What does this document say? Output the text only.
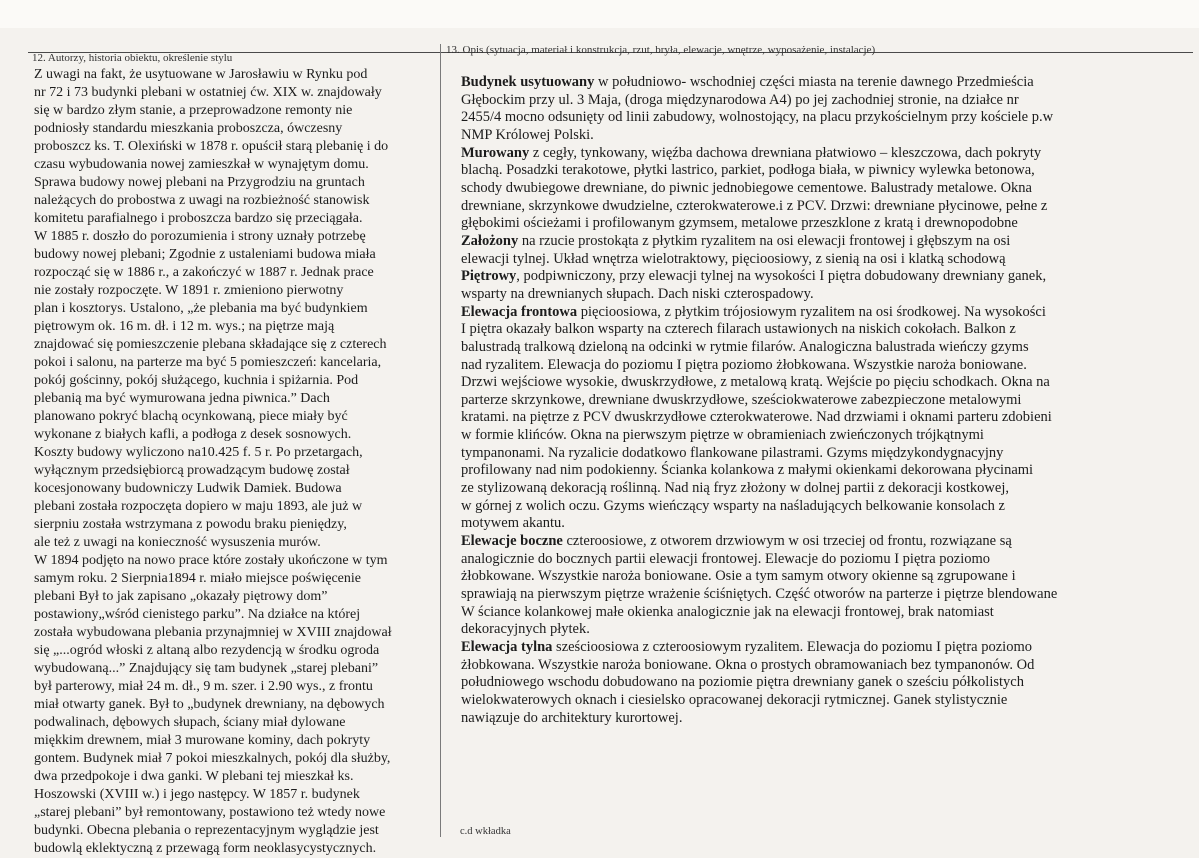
12. Autorzy, historia obiektu, określenie stylu
13. Opis (sytuacja, materiał i konstrukcja, rzut, bryła, elewacje, wnętrze, wyposażenie, instalacje)
Z uwagi na fakt, że usytuowane w Jarosławiu w Rynku pod
nr 72 i 73 budynki plebani w ostatniej ćw. XIX w. znajdowały
się w bardzo złym stanie, a przeprowadzone remonty nie
podniosły standardu mieszkania proboszcza, ówczesny
proboszcz ks. T. Olexiński w 1878 r. opuścił starą plebanię i do
czasu wybudowania nowej zamieszkał w wynajętym domu.
Sprawa budowy nowej plebani na Przygrodziu na gruntach
należących do probostwa z uwagi na rozbieżność stanowisk
komitetu parafialnego i proboszcza bardzo się przeciągała.
W 1885 r. doszło do porozumienia i strony uznały potrzebę
budowy nowej plebani; Zgodnie z ustaleniami budowa miała
rozpocząć się w 1886 r., a zakończyć w 1887 r. Jednak prace
nie zostały rozpoczęte. W 1891 r. zmieniono pierwotny
plan i kosztorys. Ustalono, „że plebania ma być budynkiem
piętrowym ok. 16 m. dł. i 12 m. wys.; na piętrze mają
znajdować się pomieszczenie plebana składające się z czterech
pokoi i salonu, na parterze ma być 5 pomieszczeń: kancelaria,
pokój gościnny, pokój służącego, kuchnia i spiżarnia. Pod
plebanią ma być wymurowana jedna piwnica.” Dach
planowano pokryć blachą ocynkowaną, piece miały być
wykonane z białych kafli, a podłoga z desek sosnowych.
Koszty budowy wyliczono na10.425 f. 5 r. Po przetargach,
wyłącznym przedsiębiorcą prowadzącym budowę został
kocesjonowany budowniczy Ludwik Damiek. Budowa
plebani została rozpoczęta dopiero w maju 1893, ale już w
sierpniu została wstrzymana z powodu braku pieniędzy,
ale też z uwagi na konieczność wysuszenia murów.
W 1894 podjęto na nowo prace które zostały ukończone w tym
samym roku. 2 Sierpnia1894 r. miało miejsce poświęcenie
plebani Był to jak zapisano „okazały piętrowy dom”
postawiony„wśród cienistego parku”. Na działce na której
została wybudowana plebania przynajmniej w XVIII znajdował
się „...ogród włoski z altaną albo rezydencją w środku ogroda
wybudowaną...” Znajdujący się tam budynek „starej plebani”
był parterowy, miał 24 m. dł., 9 m. szer. i 2.90 wys., z frontu
miał otwarty ganek. Był to „budynek drewniany, na dębowych
podwalinach, dębowych słupach, ściany miał dylowane
miękkim drewnem, miał 3 murowane kominy, dach pokryty
gontem. Budynek miał 7 pokoi mieszkalnych, pokój dla służby,
dwa przedpokoje i dwa ganki. W plebani tej mieszkał ks.
Hoszowski (XVIII w.) i jego następcy. W 1857 r. budynek
„starej plebani” był remontowany, postawiono też wtedy nowe
budynki. Obecna plebania o reprezentacyjnym wyglądzie jest
budowlą eklektyczną z przewagą form neoklasycystycznych.
Budynek usytuowany w południowo- wschodniej części miasta na terenie dawnego Przedmieścia
Głębockim przy ul. 3 Maja, (droga międzynarodowa A4) po jej zachodniej stronie, na działce nr
2455/4 mocno odsunięty od linii zabudowy, wolnostojący, na placu przykościelnym przy kościele p.w
NMP Królowej Polski.
Murowany z cegły, tynkowany, więźba dachowa drewniana płatwiowo – kleszczowa, dach pokryty
blachą. Posadzki terakotowe, płytki lastrico, parkiet, podłoga biała, w piwnicy wylewka betonowa,
schody dwubiegowe drewniane, do piwnic jednobiegowe cementowe. Balustrady metalowe. Okna
drewniane, skrzynkowe dwudzielne, czterokwaterowe.i z PCV. Drzwi: drewniane płycinowe, pełne z
głębokimi ościeżami i profilowanym gzymsem, metalowe przeszklone z kratą i drewnopodobne
Założony na rzucie prostokąta z płytkim ryzalitem na osi elewacji frontowej i głębszym na osi
elewacji tylnej. Układ wnętrza wielotraktowy, pięcioosiowy, z sienią na osi i klatką schodową
Piętrowy, podpiwniczony, przy elewacji tylnej na wysokości I piętra dobudowany drewniany ganek,
wsparty na drewnianych słupach. Dach niski czterospadowy.
Elewacja frontowa pięcioosiowa, z płytkim trójosiowym ryzalitem na osi środkowej. Na wysokości
I piętra okazały balkon wsparty na czterech filarach ustawionych na niskich cokołach. Balkon z
balustradą tralkową dzieloną na odcinki w rytmie filarów. Analogiczna balustrada wieńczy gzyms
nad ryzalitem. Elewacja do poziomu I piętra poziomo żłobkowana. Wszystkie naroża boniowane.
Drzwi wejściowe wysokie, dwuskrzydłowe, z metalową kratą. Wejście po pięciu schodkach. Okna na
parterze skrzynkowe, drewniane dwuskrzydłowe, sześciokwaterowe zabezpieczone metalowymi
kratami. na piętrze z PCV dwuskrzydłowe czterokwaterowe. Nad drzwiami i oknami parteru zdobieni
w formie klińców. Okna na pierwszym piętrze w obramieniach zwieńczonych trójkątnymi
tympanonami. Na ryzalicie dodatkowo flankowane pilastrami. Gzyms międzykondygnacyjny
profilowany nad nim podokienny. Ścianka kolankowa z małymi okienkami dekorowana płycinami
ze stylizowaną dekoracją roślinną. Nad nią fryz złożony w dolnej partii z dekoracji kostkowej,
w górnej z wolich oczu. Gzyms wieńczący wsparty na naśladujących belkowanie konsolach z
motywem akantu.
Elewacje boczne czteroosiowe, z otworem drzwiowym w osi trzeciej od frontu, rozwiązane są
analogicznie do bocznych partii elewacji frontowej. Elewacje do poziomu I piętra poziomo
żłobkowane. Wszystkie naroża boniowane. Osie a tym samym otwory okienne są zgrupowane i
sprawiają na pierwszym piętrze wrażenie ściśniętych. Część otworów na parterze i piętrze blendowane
W ściance kolankowej małe okienka analogicznie jak na elewacji frontowej, brak natomiast
dekoracyjnych płytek.
Elewacja tylna sześcioosiowa z czteroosiowym ryzalitem. Elewacja do poziomu I piętra poziomo
żłobkowana. Wszystkie naroża boniowane. Okna o prostych obramowaniach bez tympanonów. Od
południowego wschodu dobudowano na poziomie piętra drewniany ganek o sześciu półkolistych
wielokwaterowych oknach i ciesielsko opracowanej dekoracji rytmicznej. Ganek stylistycznie
nawiązuje do architektury kurortowej.
c.d wkładka
